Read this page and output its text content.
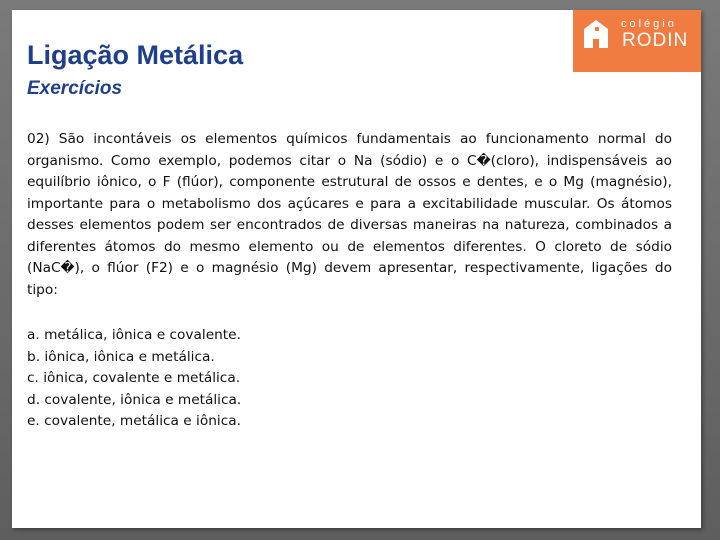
colégio
RODIN
Ligação Metálica
Exercícios

02) São incontáveis os elementos químicos fundamentais ao funcionamento normal do organismo. Como exemplo, podemos citar o Na (sódio) e o C�(cloro), indispensáveis ao equilíbrio iônico, o F (flúor), componente estrutural de ossos e dentes, e o Mg (magnésio), importante para o metabolismo dos açúcares e para a excitabilidade muscular. Os átomos desses elementos podem ser encontrados de diversas maneiras na natureza, combinados a diferentes átomos do mesmo elemento ou de elementos diferentes. O cloreto de sódio (NaC�), o flúor (F2) e o magnésio (Mg) devem apresentar, respectivamente, ligações do tipo:

a. metálica, iônica e covalente.
b. iônica, iônica e metálica.
c. iônica, covalente e metálica.
d. covalente, iônica e metálica.
e. covalente, metálica e iônica.
